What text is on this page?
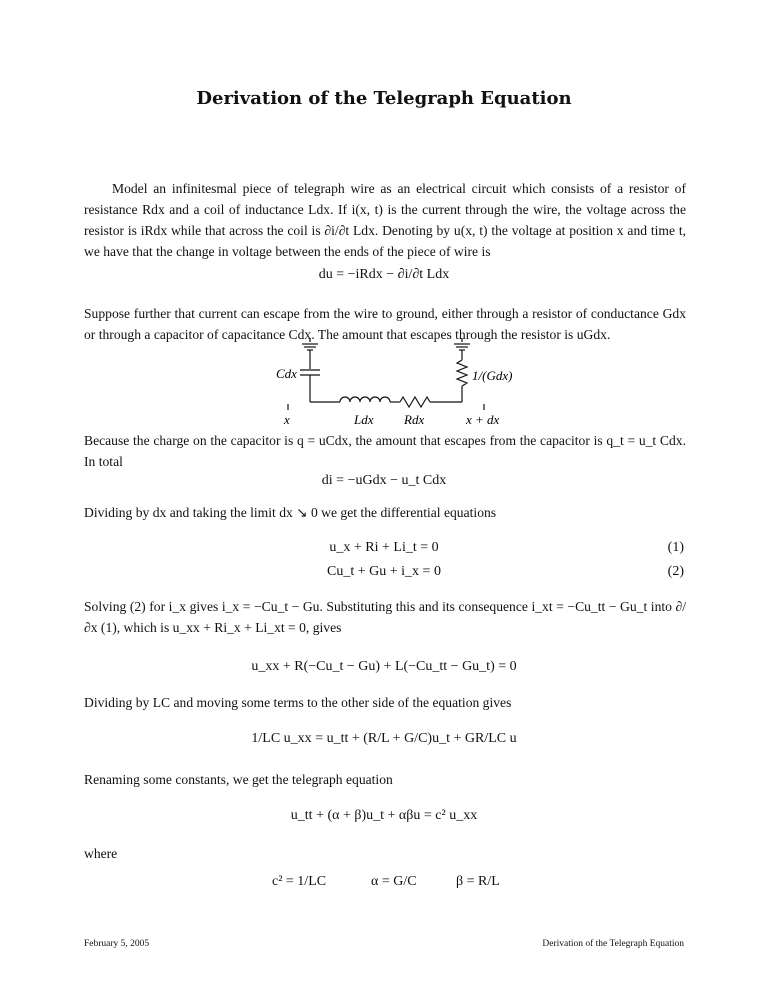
Derivation of the Telegraph Equation
Model an infinitesmal piece of telegraph wire as an electrical circuit which consists of a resistor of resistance Rdx and a coil of inductance Ldx. If i(x, t) is the current through the wire, the voltage across the resistor is iRdx while that across the coil is ∂i/∂t Ldx. Denoting by u(x, t) the voltage at position x and time t, we have that the change in voltage between the ends of the piece of wire is
du = −iRdx − ∂i/∂t Ldx
Suppose further that current can escape from the wire to ground, either through a resistor of conductance Gdx or through a capacitor of capacitance Cdx. The amount that escapes through the resistor is uGdx.
Cdx	1/(Gdx)
x	Ldx Rdx	x + dx
Because the charge on the capacitor is q = uCdx, the amount that escapes from the capacitor is q_t = u_t Cdx. In total
di = −uGdx − u_t Cdx
Dividing by dx and taking the limit dx ↘ 0 we get the differential equations
u_x + Ri + Li_t = 0	(1)
Cu_t + Gu + i_x = 0	(2)
Solving (2) for i_x gives i_x = −Cu_t − Gu. Substituting this and its consequence i_xt = −Cu_tt − Gu_t into ∂/∂x (1), which is u_xx + Ri_x + Li_xt = 0, gives
u_xx + R(−Cu_t − Gu) + L(−Cu_tt − Gu_t) = 0
Dividing by LC and moving some terms to the other side of the equation gives
1/LC u_xx = u_tt + (R/L + G/C)u_t + GR/LC u
Renaming some constants, we get the telegraph equation
u_tt + (α + β)u_t + αβu = c² u_xx
where
c² = 1/LC	α = G/C	β = R/L
February 5, 2005	Derivation of the Telegraph Equation
